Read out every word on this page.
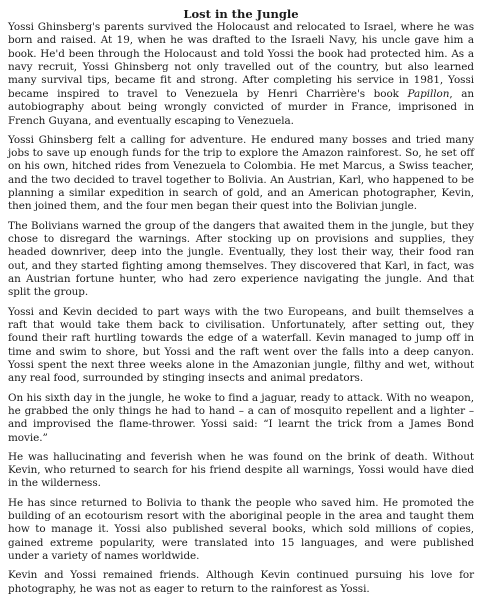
Lost in the Jungle

Yossi Ghinsberg's parents survived the Holocaust and relocated to Israel, where he was born and raised. At 19, when he was drafted to the Israeli Navy, his uncle gave him a book. He'd been through the Holocaust and told Yossi the book had protected him. As a navy recruit, Yossi Ghinsberg not only travelled out of the country, but also learned many survival tips, became fit and strong. After completing his service in 1981, Yossi became inspired to travel to Venezuela by Henri Charrière's book Papillon, an autobiography about being wrongly convicted of murder in France, imprisoned in French Guyana, and eventually escaping to Venezuela.

Yossi Ghinsberg felt a calling for adventure. He endured many bosses and tried many jobs to save up enough funds for the trip to explore the Amazon rainforest. So, he set off on his own, hitched rides from Venezuela to Colombia. He met Marcus, a Swiss teacher, and the two decided to travel together to Bolivia. An Austrian, Karl, who happened to be planning a similar expedition in search of gold, and an American photographer, Kevin, then joined them, and the four men began their quest into the Bolivian jungle.

The Bolivians warned the group of the dangers that awaited them in the jungle, but they chose to disregard the warnings. After stocking up on provisions and supplies, they headed downriver, deep into the jungle. Eventually, they lost their way, their food ran out, and they started fighting among themselves. They discovered that Karl, in fact, was an Austrian fortune hunter, who had zero experience navigating the jungle. And that split the group.

Yossi and Kevin decided to part ways with the two Europeans, and built themselves a raft that would take them back to civilisation. Unfortunately, after setting out, they found their raft hurtling towards the edge of a waterfall. Kevin managed to jump off in time and swim to shore, but Yossi and the raft went over the falls into a deep canyon. Yossi spent the next three weeks alone in the Amazonian jungle, filthy and wet, without any real food, surrounded by stinging insects and animal predators.

On his sixth day in the jungle, he woke to find a jaguar, ready to attack. With no weapon, he grabbed the only things he had to hand – a can of mosquito repellent and a lighter – and improvised the flame-thrower. Yossi said: “I learnt the trick from a James Bond movie.”

He was hallucinating and feverish when he was found on the brink of death. Without Kevin, who returned to search for his friend despite all warnings, Yossi would have died in the wilderness.

He has since returned to Bolivia to thank the people who saved him. He promoted the building of an ecotourism resort with the aboriginal people in the area and taught them how to manage it. Yossi also published several books, which sold millions of copies, gained extreme popularity, were translated into 15 languages, and were published under a variety of names worldwide.

Kevin and Yossi remained friends. Although Kevin continued pursuing his love for photography, he was not as eager to return to the rainforest as Yossi.
